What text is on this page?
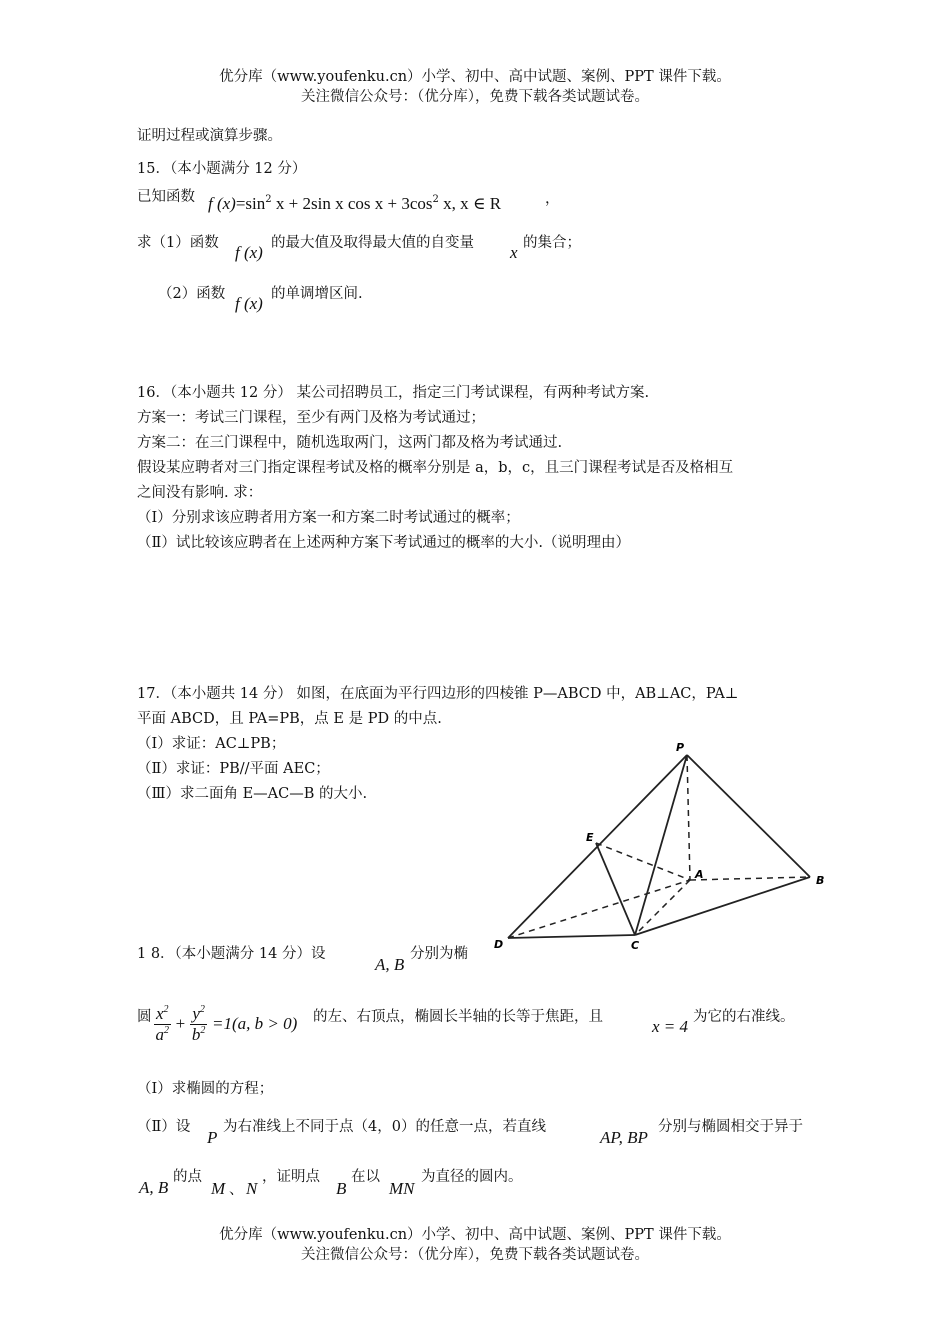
优分库（www.youfenku.cn）小学、初中、高中试题、案例、PPT 课件下载。
关注微信公众号：（优分库），免费下载各类试题试卷。
证明过程或演算步骤。
15．（本小题满分 12 分）
已知函数 f $(x)=\sin^2$ x + 2sin x $\cos x + 3\cos^2$ x, x ∈ R	，
求（1）函数 f (x) 的最大值及取得最大值的自变量 x 的集合；
（2）函数 f (x) 的单调增区间.
16．（本小题共 12 分） 某公司招聘员工，指定三门考试课程，有两种考试方案.
方案一：考试三门课程，至少有两门及格为考试通过；
方案二：在三门课程中，随机选取两门，这两门都及格为考试通过.
假设某应聘者对三门指定课程考试及格的概率分别是 a，b，c，且三门课程考试是否及格相互
之间没有影响. 求：
（Ⅰ）分别求该应聘者用方案一和方案二时考试通过的概率；
（Ⅱ）试比较该应聘者在上述两种方案下考试通过的概率的大小.（说明理由）
17．（本小题共 14 分） 如图，在底面为平行四边形的四棱锥 P—ABCD 中，AB⊥AC，PA⊥
平面 ABCD，且 PA=PB，点 E 是 PD 的中点.
（Ⅰ）求证：AC⊥PB；
（Ⅱ）求证：PB//平面 AEC；
（Ⅲ）求二面角 E—AC—B 的大小.
P
E
A	B
C
D
1 8．（本小题满分 14 分）设
A, B
分别为椭
圆 $\frac{x^2}{a^2} + \frac{y^2}{b^2} =1(a$, b > 0) 的左、右顶点，椭圆长半轴的长等于焦距，且	x = 4 为它的右准线。
（Ⅰ）求椭圆的方程；
（Ⅱ）设
P
为右准线上不同于点（4，0）的任意一点，若直线
AP, BP
分别与椭圆相交于异于
A, B
的点
M 、 N
，证明点
B
在以
MN
为直径的圆内。
优分库（www.youfenku.cn）小学、初中、高中试题、案例、PPT 课件下载。
关注微信公众号：（优分库），免费下载各类试题试卷。
